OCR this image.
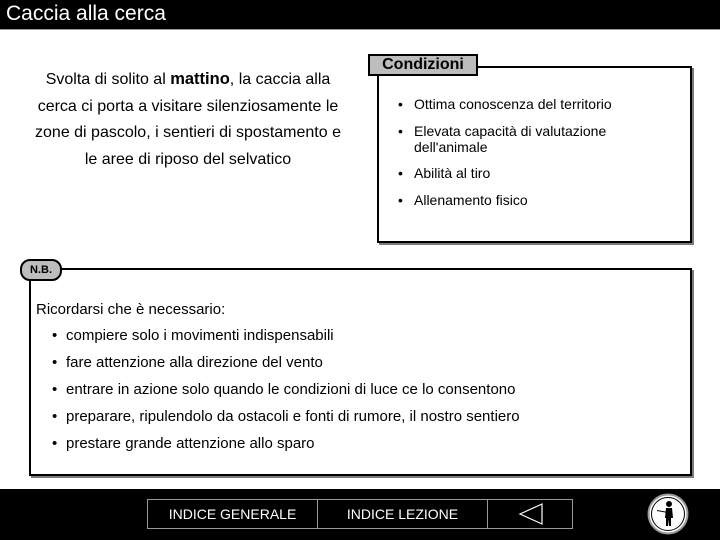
Caccia alla cerca
Svolta di solito al mattino, la caccia alla cerca ci porta a visitare silenziosamente le zone di pascolo, i sentieri di spostamento e le aree di riposo del selvatico
Condizioni
• Ottima conoscenza del territorio
• Elevata capacità di valutazione dell'animale
• Abilità al tiro
• Allenamento fisico
N.B.
Ricordarsi che è necessario:
• compiere solo i movimenti indispensabili
• fare attenzione alla direzione del vento
• entrare in azione solo quando le condizioni di luce ce lo consentono
• preparare, ripulendolo da ostacoli e fonti di rumore, il nostro sentiero
• prestare grande attenzione allo sparo
INDICE GENERALE	INDICE LEZIONE
